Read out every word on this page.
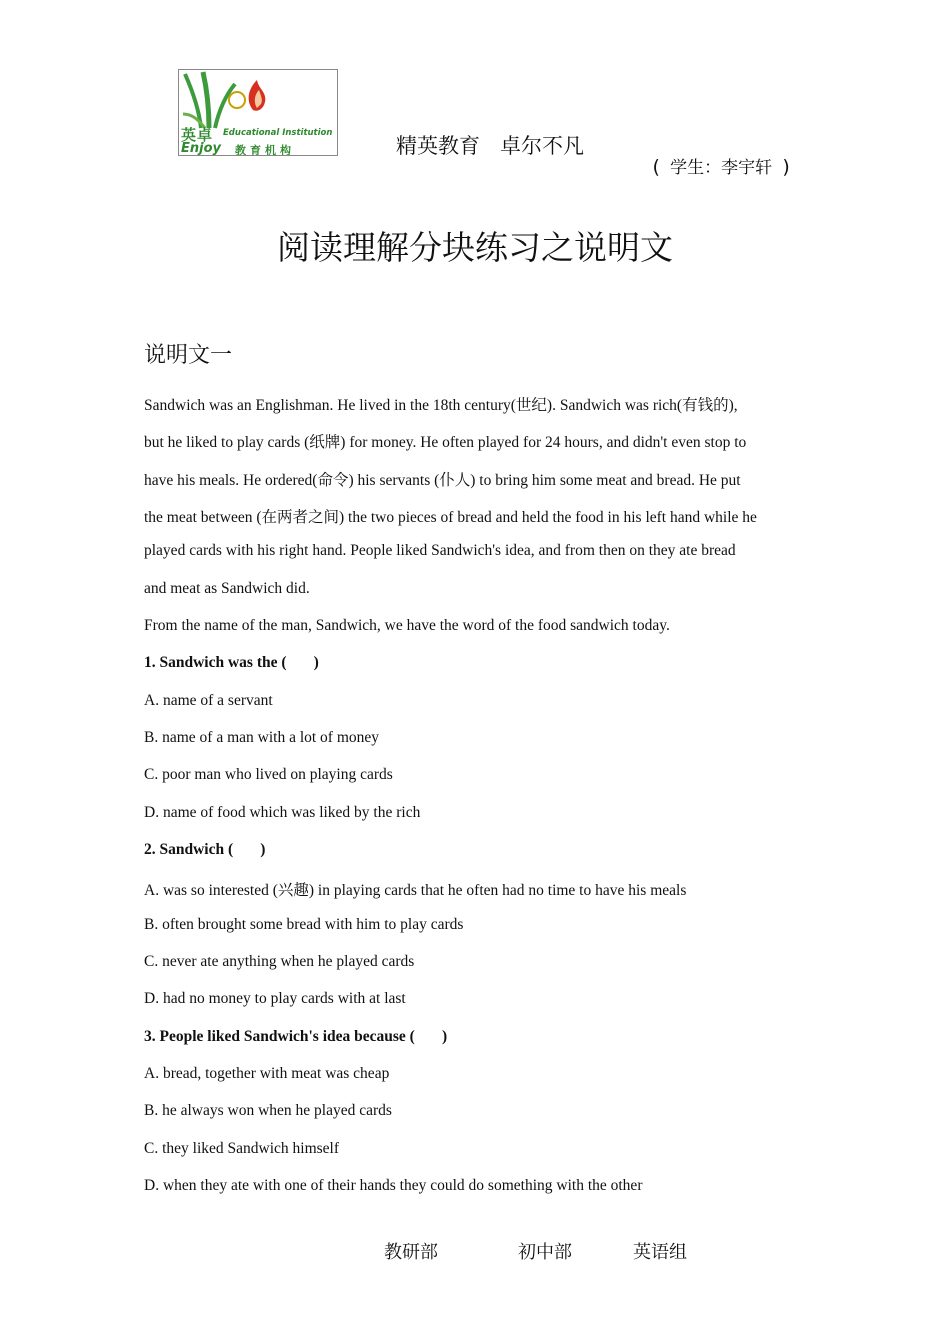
英卓 Educational Institution
Enjoy 教育机构	精英教育   卓尔不凡

( 学生：李宇轩 )

阅读理解分块练习之说明文
说明文一
Sandwich was an Englishman. He lived in the 18th century(世纪). Sandwich was rich(有钱的),
but he liked to play cards (纸牌) for money. He often played for 24 hours, and didn't even stop to
have his meals. He ordered(命令) his servants (仆人) to bring him some meat and bread. He put
the meat between (在两者之间) the two pieces of bread and held the food in his left hand while he
played cards with his right hand. People liked Sandwich's idea, and from then on they ate bread
and meat as Sandwich did.
From the name of the man, Sandwich, we have the word of the food sandwich today.
1. Sandwich was the (       )
A. name of a servant
B. name of a man with a lot of money
C. poor man who lived on playing cards
D. name of food which was liked by the rich
2. Sandwich (       )
A. was so interested (兴趣) in playing cards that he often had no time to have his meals
B. often brought some bread with him to play cards
C. never ate anything when he played cards
D. had no money to play cards with at last
3. People liked Sandwich's idea because (       )
A. bread, together with meat was cheap
B. he always won when he played cards
C. they liked Sandwich himself
D. when they ate with one of their hands they could do something with the other
教研部	初中部	英语组
